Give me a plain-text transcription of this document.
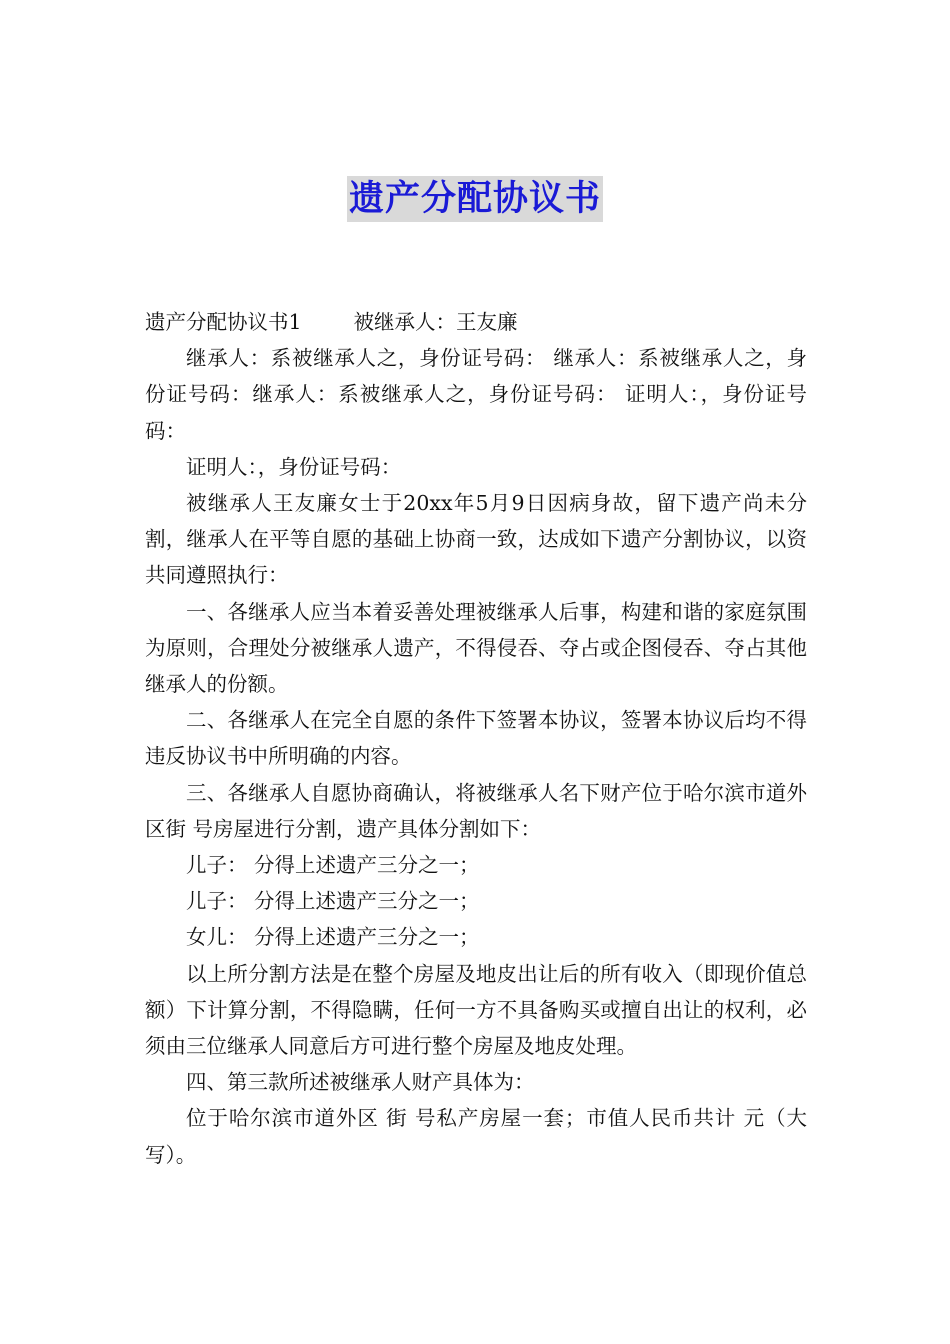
遗产分配协议书

遗产分配协议书1	被继承人：王友廉

继承人：系被继承人之，身份证号码： 继承人：系被继承人之，身份证号码：继承人：系被继承人之，身份证号码： 证明人：，身份证号码：

证明人：，身份证号码：

被继承人王友廉女士于20xx年5月9日因病身故，留下遗产尚未分割，继承人在平等自愿的基础上协商一致，达成如下遗产分割协议，以资共同遵照执行：

一、各继承人应当本着妥善处理被继承人后事，构建和谐的家庭氛围为原则，合理处分被继承人遗产，不得侵吞、夺占或企图侵吞、夺占其他继承人的份额。

二、各继承人在完全自愿的条件下签署本协议，签署本协议后均不得违反协议书中所明确的内容。

三、各继承人自愿协商确认，将被继承人名下财产位于哈尔滨市道外区街 号房屋进行分割，遗产具体分割如下：

儿子： 分得上述遗产三分之一；

儿子： 分得上述遗产三分之一；

女儿： 分得上述遗产三分之一；

以上所分割方法是在整个房屋及地皮出让后的所有收入（即现价值总额）下计算分割，不得隐瞒，任何一方不具备购买或擅自出让的权利，必须由三位继承人同意后方可进行整个房屋及地皮处理。

四、第三款所述被继承人财产具体为：

位于哈尔滨市道外区 街 号私产房屋一套；市值人民币共计 元（大写）。
